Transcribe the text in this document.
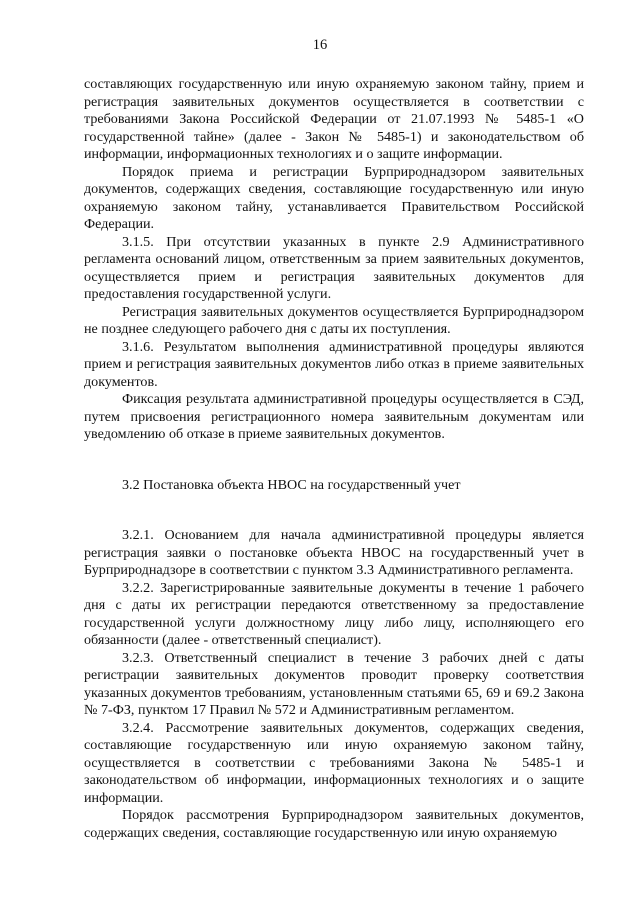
16

составляющих государственную или иную охраняемую законом тайну, прием и регистрация заявительных документов осуществляется в соответствии с требованиями Закона Российской Федерации от 21.07.1993 № 5485-1 «О государственной тайне» (далее - Закон № 5485-1) и законодательством об информации, информационных технологиях и о защите информации.

Порядок приема и регистрации Бурприроднадзором заявительных документов, содержащих сведения, составляющие государственную или иную охраняемую законом тайну, устанавливается Правительством Российской Федерации.

3.1.5. При отсутствии указанных в пункте 2.9 Административного регламента оснований лицом, ответственным за прием заявительных документов, осуществляется прием и регистрация заявительных документов для предоставления государственной услуги.

Регистрация заявительных документов осуществляется Бурприроднадзором не позднее следующего рабочего дня с даты их поступления.

3.1.6. Результатом выполнения административной процедуры являются прием и регистрация заявительных документов либо отказ в приеме заявительных документов.

Фиксация результата административной процедуры осуществляется в СЭД, путем присвоения регистрационного номера заявительным документам или уведомлению об отказе в приеме заявительных документов.

3.2 Постановка объекта НВОС на государственный учет

3.2.1. Основанием для начала административной процедуры является регистрация заявки о постановке объекта НВОС на государственный учет в Бурприроднадзоре в соответствии с пунктом 3.3 Административного регламента.

3.2.2. Зарегистрированные заявительные документы в течение 1 рабочего дня с даты их регистрации передаются ответственному за предоставление государственной услуги должностному лицу либо лицу, исполняющего его обязанности (далее - ответственный специалист).

3.2.3. Ответственный специалист в течение 3 рабочих дней с даты регистрации заявительных документов проводит проверку соответствия указанных документов требованиям, установленным статьями 65, 69 и 69.2 Закона № 7-ФЗ, пунктом 17 Правил № 572 и Административным регламентом.

3.2.4. Рассмотрение заявительных документов, содержащих сведения, составляющие государственную или иную охраняемую законом тайну, осуществляется в соответствии с требованиями Закона № 5485-1 и законодательством об информации, информационных технологиях и о защите информации.

Порядок рассмотрения Бурприроднадзором заявительных документов, содержащих сведения, составляющие государственную или иную охраняемую
